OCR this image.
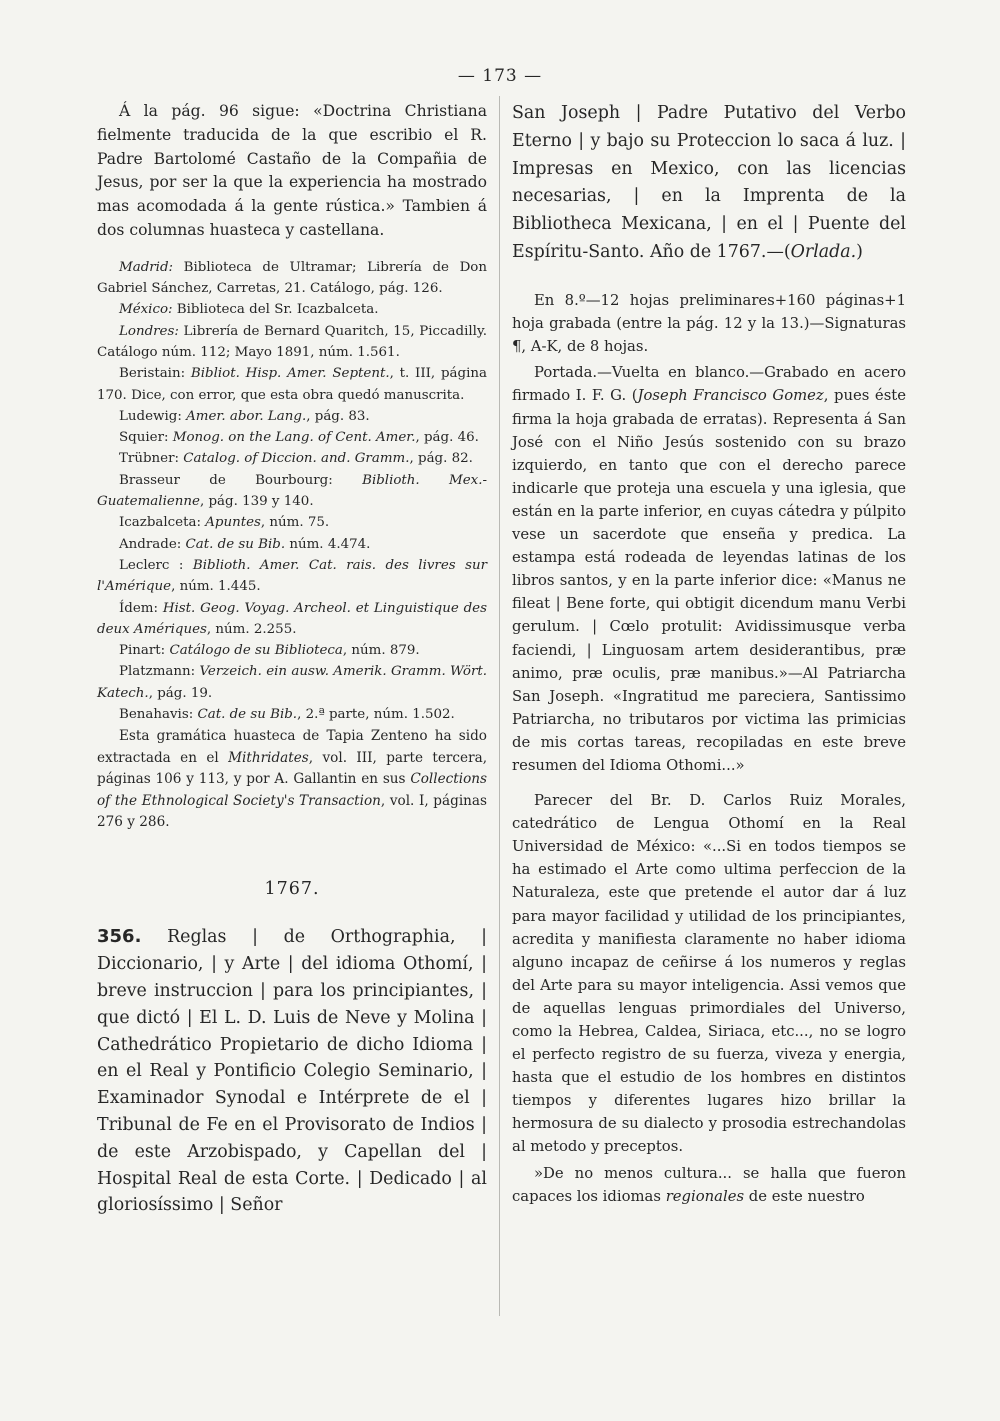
— 173 —

Á la pág. 96 sigue: «Doctrina Christiana fielmente traducida de la que escribio el R. Padre Bartolomé Castaño de la Compañia de Jesus, por ser la que la experiencia ha mostrado mas acomodada á la gente rústica.» Tambien á dos columnas huasteca y castellana.

Madrid: Biblioteca de Ultramar; Librería de Don Gabriel Sánchez, Carretas, 21. Catálogo, pág. 126.

México: Biblioteca del Sr. Icazbalceta.

Londres: Librería de Bernard Quaritch, 15, Piccadilly. Catálogo núm. 112; Mayo 1891, núm. 1.561.

Beristain: Bibliot. Hisp. Amer. Septent., t. III, página 170. Dice, con error, que esta obra quedó manuscrita.

Ludewig: Amer. abor. Lang., pág. 83.

Squier: Monog. on the Lang. of Cent. Amer., pág. 46.

Trübner: Catalog. of Diccion. and. Gramm., pág. 82.

Brasseur de Bourbourg: Biblioth. Mex.-Guatemalienne, pág. 139 y 140.

Icazbalceta: Apuntes, núm. 75.

Andrade: Cat. de su Bib. núm. 4.474.

Leclerc : Biblioth. Amer. Cat. rais. des livres sur l'Amérique, núm. 1.445.

Ídem: Hist. Geog. Voyag. Archeol. et Linguistique des deux Amériques, núm. 2.255.

Pinart: Catálogo de su Biblioteca, núm. 879.

Platzmann: Verzeich. ein ausw. Amerik. Gramm. Wört. Katech., pág. 19.

Benahavis: Cat. de su Bib., 2.ª parte, núm. 1.502.

Esta gramática huasteca de Tapia Zenteno ha sido extractada en el Mithridates, vol. III, parte tercera, páginas 106 y 113, y por A. Gallantin en sus Collections of the Ethnological Society's Transaction, vol. I, páginas 276 y 286.

1767.

356. Reglas | de Orthographia, | Diccionario, | y Arte | del idioma Othomí, | breve instruccion | para los principiantes, | que dictó | El L. D. Luis de Neve y Molina | Cathedrático Propietario de dicho Idioma | en el Real y Pontificio Colegio Seminario, | Examinador Synodal e Intérprete de el | Tribunal de Fe en el Provisorato de Indios | de este Arzobispado, y Capellan del | Hospital Real de esta Corte. | Dedicado | al gloriosíssimo | Señor

San Joseph | Padre Putativo del Verbo Eterno | y bajo su Proteccion lo saca á luz. | Impresas en Mexico, con las licencias necesarias, | en la Imprenta de la Bibliotheca Mexicana, | en el | Puente del Espíritu-Santo. Año de 1767.—(Orlada.)

En 8.º—12 hojas preliminares+160 páginas+1 hoja grabada (entre la pág. 12 y la 13.)—Signaturas ¶, A-K, de 8 hojas.

Portada.—Vuelta en blanco.—Grabado en acero firmado I. F. G. (Joseph Francisco Gomez, pues éste firma la hoja grabada de erratas). Representa á San José con el Niño Jesús sostenido con su brazo izquierdo, en tanto que con el derecho parece indicarle que proteja una escuela y una iglesia, que están en la parte inferior, en cuyas cátedra y púlpito vese un sacerdote que enseña y predica. La estampa está rodeada de leyendas latinas de los libros santos, y en la parte inferior dice: «Manus ne fileat | Bene forte, qui obtigit dicendum manu Verbi gerulum. | Cœlo protulit: Avidissimusque verba faciendi, | Linguosam artem desiderantibus, præ animo, præ oculis, præ manibus.»—Al Patriarcha San Joseph. «Ingratitud me pareciera, Santissimo Patriarcha, no tributaros por victima las primicias de mis cortas tareas, recopiladas en este breve resumen del Idioma Othomi...»

Parecer del Br. D. Carlos Ruiz Morales, catedrático de Lengua Othomí en la Real Universidad de México: «...Si en todos tiempos se ha estimado el Arte como ultima perfeccion de la Naturaleza, este que pretende el autor dar á luz para mayor facilidad y utilidad de los principiantes, acredita y manifiesta claramente no haber idioma alguno incapaz de ceñirse á los numeros y reglas del Arte para su mayor inteligencia. Assi vemos que de aquellas lenguas primordiales del Universo, como la Hebrea, Caldea, Siriaca, etc..., no se logro el perfecto registro de su fuerza, viveza y energia, hasta que el estudio de los hombres en distintos tiempos y diferentes lugares hizo brillar la hermosura de su dialecto y prosodia estrechandolas al metodo y preceptos.

»De no menos cultura... se halla que fueron capaces los idiomas regionales de este nuestro
